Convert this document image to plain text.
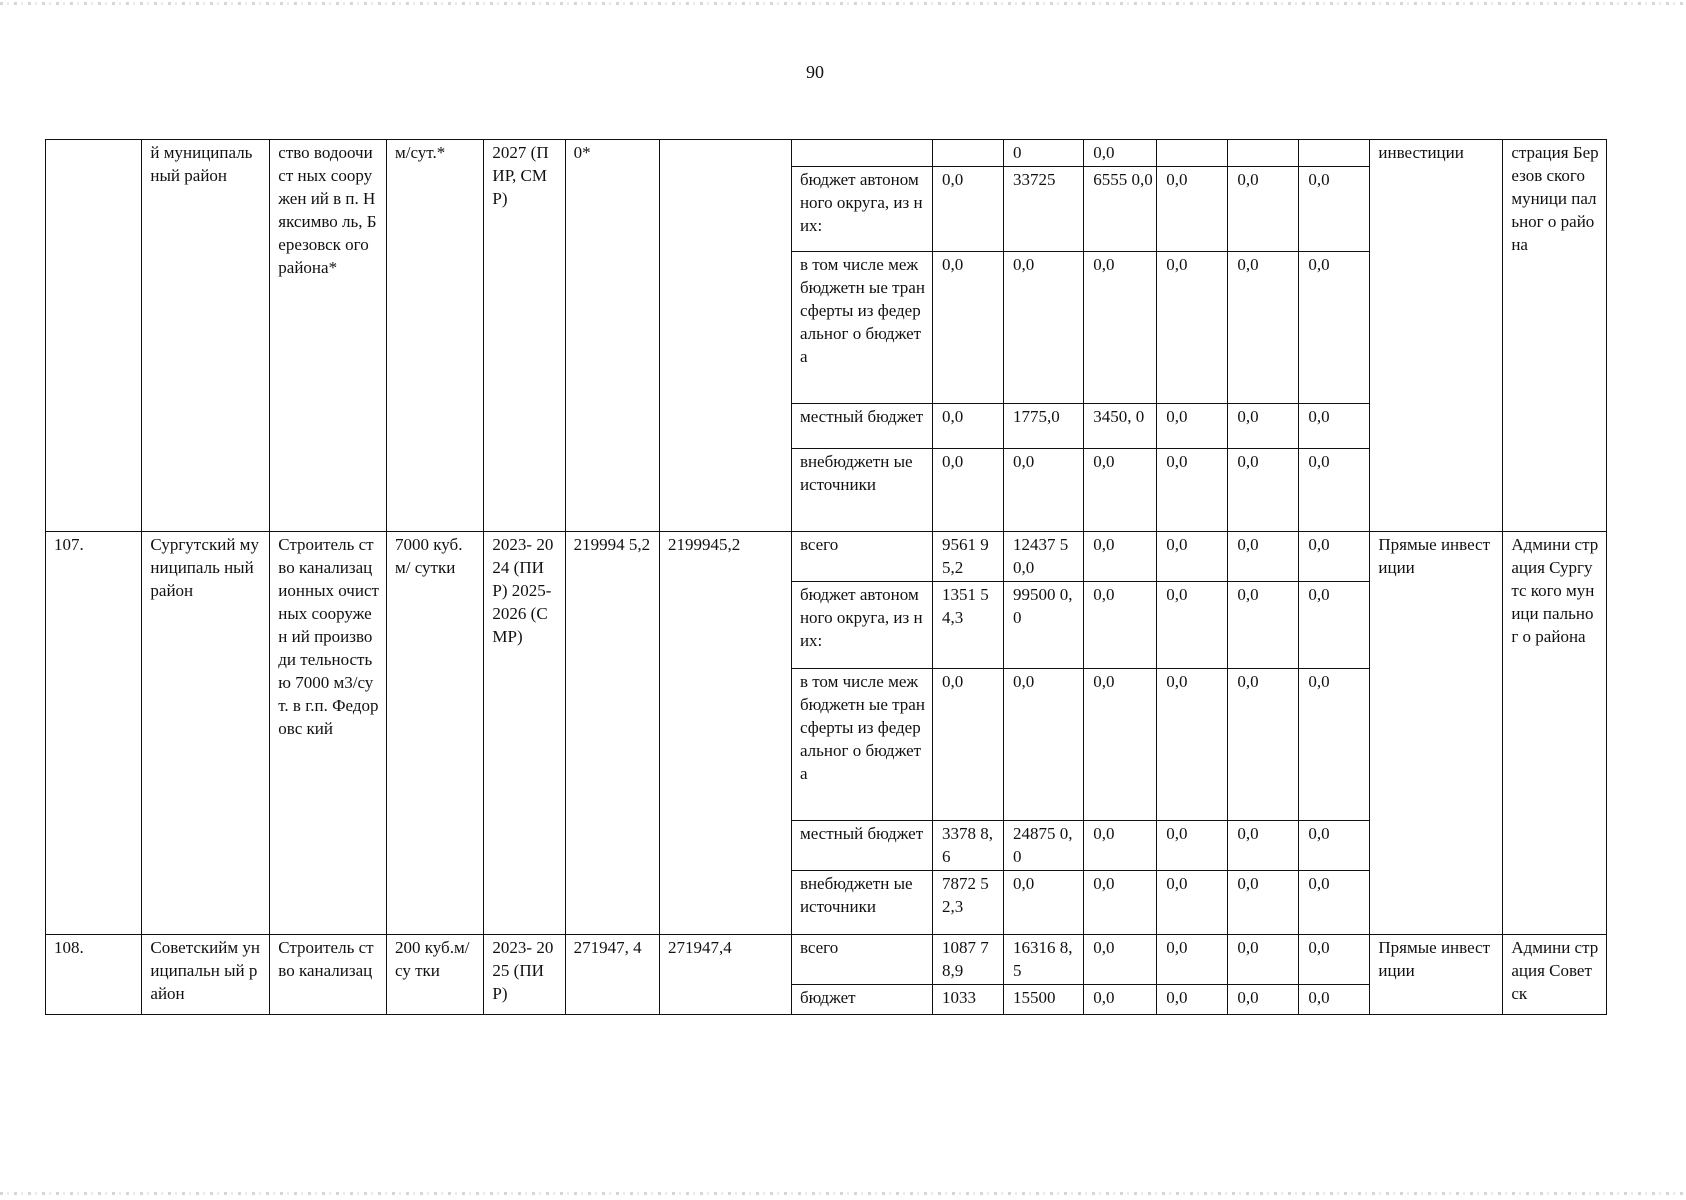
90
	й муниципаль ный район	ство водоочист ных сооружен ий в п. Няксимво ль, Березовск ого района*	м/сут.*	2027 (ПИР, СМР)	0*				0	0,0				инвестиции	страция Березов ского муници пальног о района
							бюджет автономного округа, из них:	0,0	33725	6555 0,0	0,0	0,0	0,0		
							в том числе межбюджетн ые трансферты из федеральног о бюджета	0,0	0,0	0,0	0,0	0,0	0,0		
							местный бюджет	0,0	1775,0	3450, 0	0,0	0,0	0,0		
							внебюджетн ые источники	0,0	0,0	0,0	0,0	0,0	0,0		
107.	Сургутский муниципаль ный район	Строитель ство канализац ионных очистных сооружен ий производи тельность ю 7000 м3/сут. в г.п. Федоровс кий	7000 куб.м/ сутки	2023- 2024 (ПИР) 2025- 2026 (СМР)	219994 5,2	2199945,2	всего	9561 95,2	12437 50,0	0,0	0,0	0,0	0,0	Прямые инвестиции	Админи страция Сургутс кого муници пальног о района
							бюджет автономного округа, из них:	1351 54,3	99500 0,0	0,0	0,0	0,0	0,0		
							в том числе межбюджетн ые трансферты из федеральног о бюджета	0,0	0,0	0,0	0,0	0,0	0,0		
							местный бюджет	3378 8,6	24875 0,0	0,0	0,0	0,0	0,0		
							внебюджетн ые источники	7872 52,3	0,0	0,0	0,0	0,0	0,0		
108.	Советскийм униципальн ый район	Строитель ство канализац	200 куб.м/су тки	2023- 2025 (ПИР)	271947, 4	271947,4	всего	1087 78,9	16316 8,5	0,0	0,0	0,0	0,0	Прямые инвестиции	Админи страция Советск
							бюджет	1033	15500	0,0	0,0	0,0	0,0		
